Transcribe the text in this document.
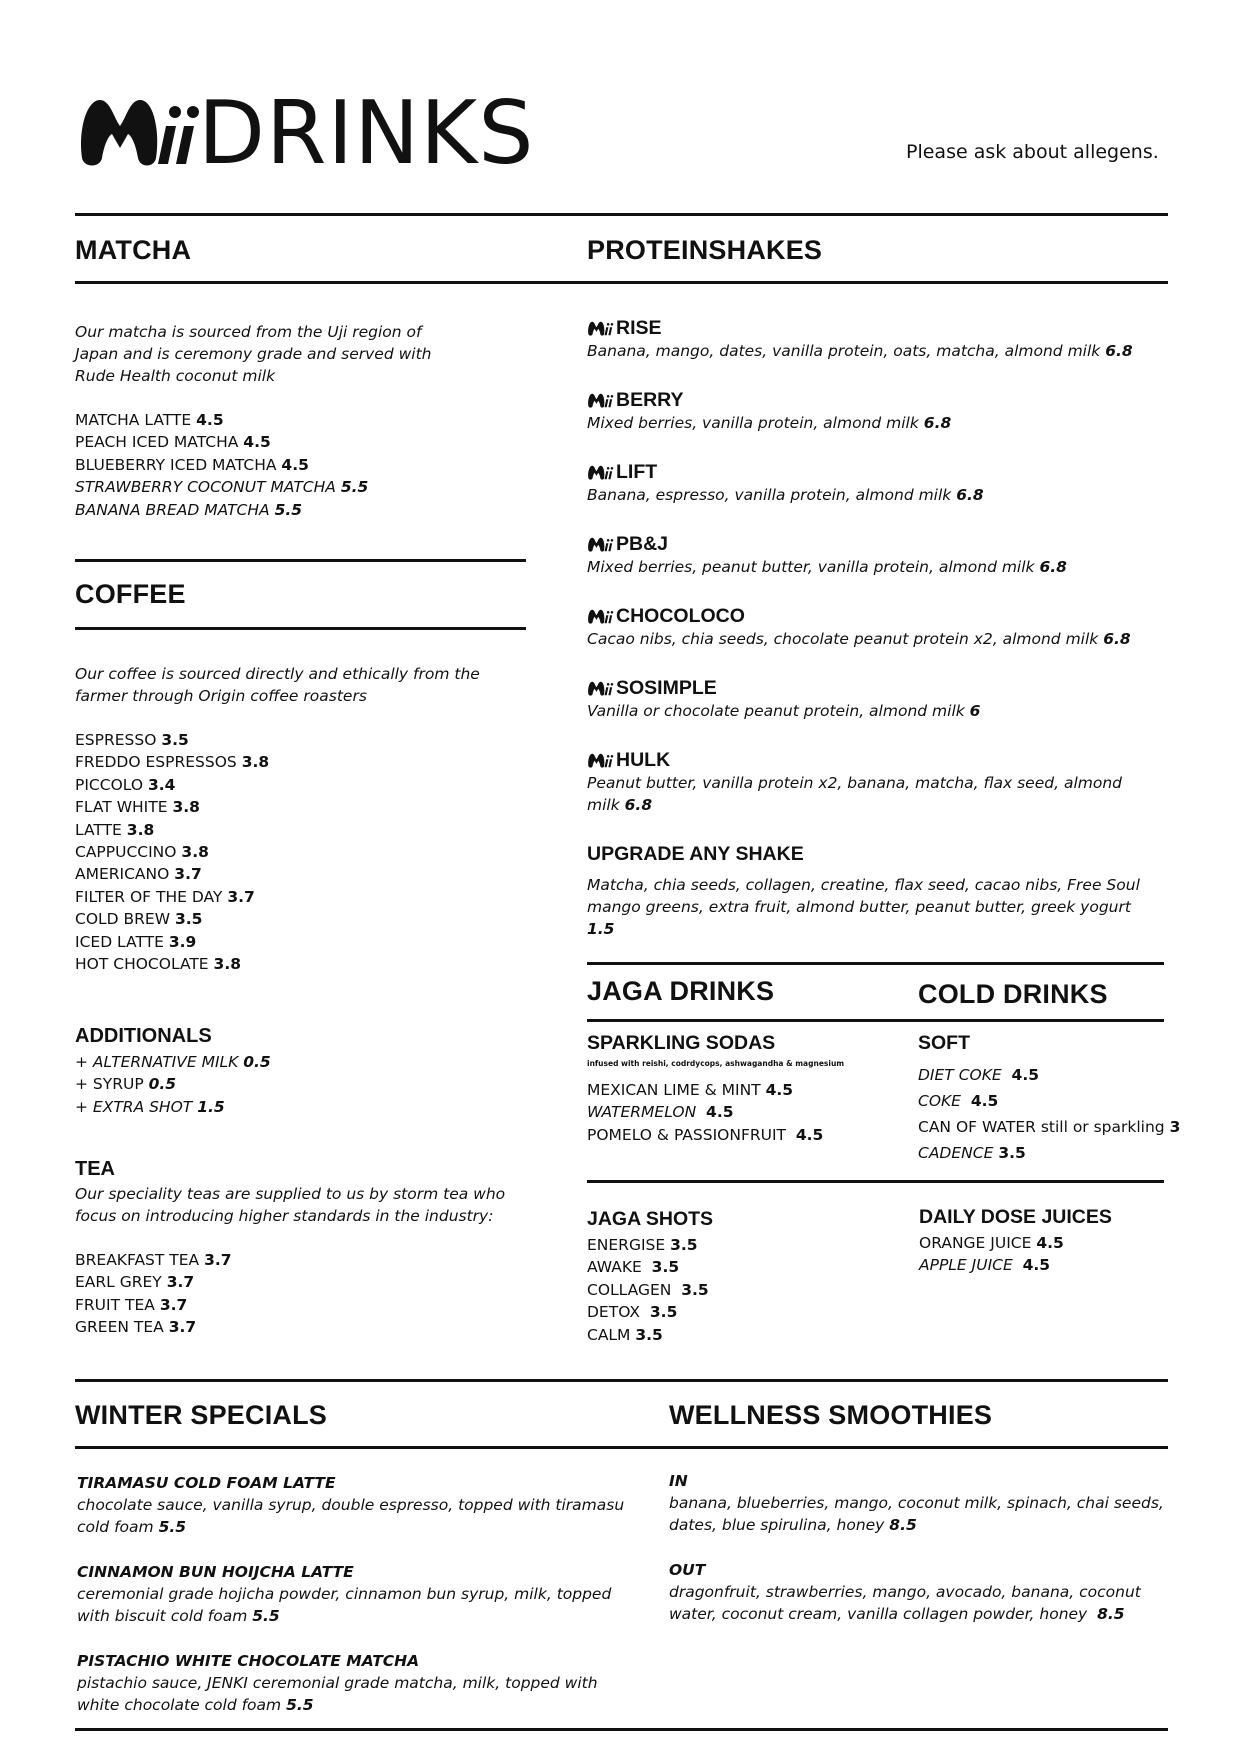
DRINKS	Please ask about allegens.
MATCHA
Our matcha is sourced from the Uji region of Japan and is ceremony grade and served with Rude Health coconut milk
MATCHA LATTE 4.5
PEACH ICED MATCHA 4.5
BLUEBERRY ICED MATCHA 4.5
STRAWBERRY COCONUT MATCHA 5.5
BANANA BREAD MATCHA 5.5
COFFEE
Our coffee is sourced directly and ethically from the farmer through Origin coffee roasters
ESPRESSO 3.5
FREDDO ESPRESSOS 3.8
PICCOLO 3.4
FLAT WHITE 3.8
LATTE 3.8
CAPPUCCINO 3.8
AMERICANO 3.7
FILTER OF THE DAY 3.7
COLD BREW 3.5
ICED LATTE 3.9
HOT CHOCOLATE 3.8
ADDITIONALS
+ ALTERNATIVE MILK 0.5
+ SYRUP 0.5
+ EXTRA SHOT 1.5
TEA
Our speciality teas are supplied to us by storm tea who focus on introducing higher standards in the industry:
BREAKFAST TEA 3.7
EARL GREY 3.7
FRUIT TEA 3.7
GREEN TEA 3.7
PROTEINSHAKES
RISE
Banana, mango, dates, vanilla protein, oats, matcha, almond milk 6.8
BERRY
Mixed berries, vanilla protein, almond milk 6.8
LIFT
Banana, espresso, vanilla protein, almond milk 6.8
PB&J
Mixed berries, peanut butter, vanilla protein, almond milk 6.8
CHOCOLOCO
Cacao nibs, chia seeds, chocolate peanut protein x2, almond milk 6.8
SOSIMPLE
Vanilla or chocolate peanut protein, almond milk 6
HULK
Peanut butter, vanilla protein x2, banana, matcha, flax seed, almond milk 6.8
UPGRADE ANY SHAKE
Matcha, chia seeds, collagen, creatine, flax seed, cacao nibs, Free Soul mango greens, extra fruit, almond butter, peanut butter, greek yogurt 1.5
JAGA DRINKS	COLD DRINKS
SPARKLING SODAS
infused with reishi, codrdycops, ashwagandha & magnesium
MEXICAN LIME & MINT 4.5
WATERMELON 4.5
POMELO & PASSIONFRUIT 4.5
SOFT
DIET COKE 4.5
COKE 4.5
CAN OF WATER still or sparkling 3
CADENCE 3.5
JAGA SHOTS
ENERGISE 3.5
AWAKE 3.5
COLLAGEN 3.5
DETOX 3.5
CALM 3.5
DAILY DOSE JUICES
ORANGE JUICE 4.5
APPLE JUICE 4.5
WINTER SPECIALS	WELLNESS SMOOTHIES
TIRAMASU COLD FOAM LATTE
chocolate sauce, vanilla syrup, double espresso, topped with tiramasu cold foam 5.5
CINNAMON BUN HOIJCHA LATTE
ceremonial grade hojicha powder, cinnamon bun syrup, milk, topped with biscuit cold foam 5.5
PISTACHIO WHITE CHOCOLATE MATCHA
pistachio sauce, JENKI ceremonial grade matcha, milk, topped with white chocolate cold foam 5.5
IN
banana, blueberries, mango, coconut milk, spinach, chai seeds, dates, blue spirulina, honey 8.5
OUT
dragonfruit, strawberries, mango, avocado, banana, coconut water, coconut cream, vanilla collagen powder, honey 8.5
